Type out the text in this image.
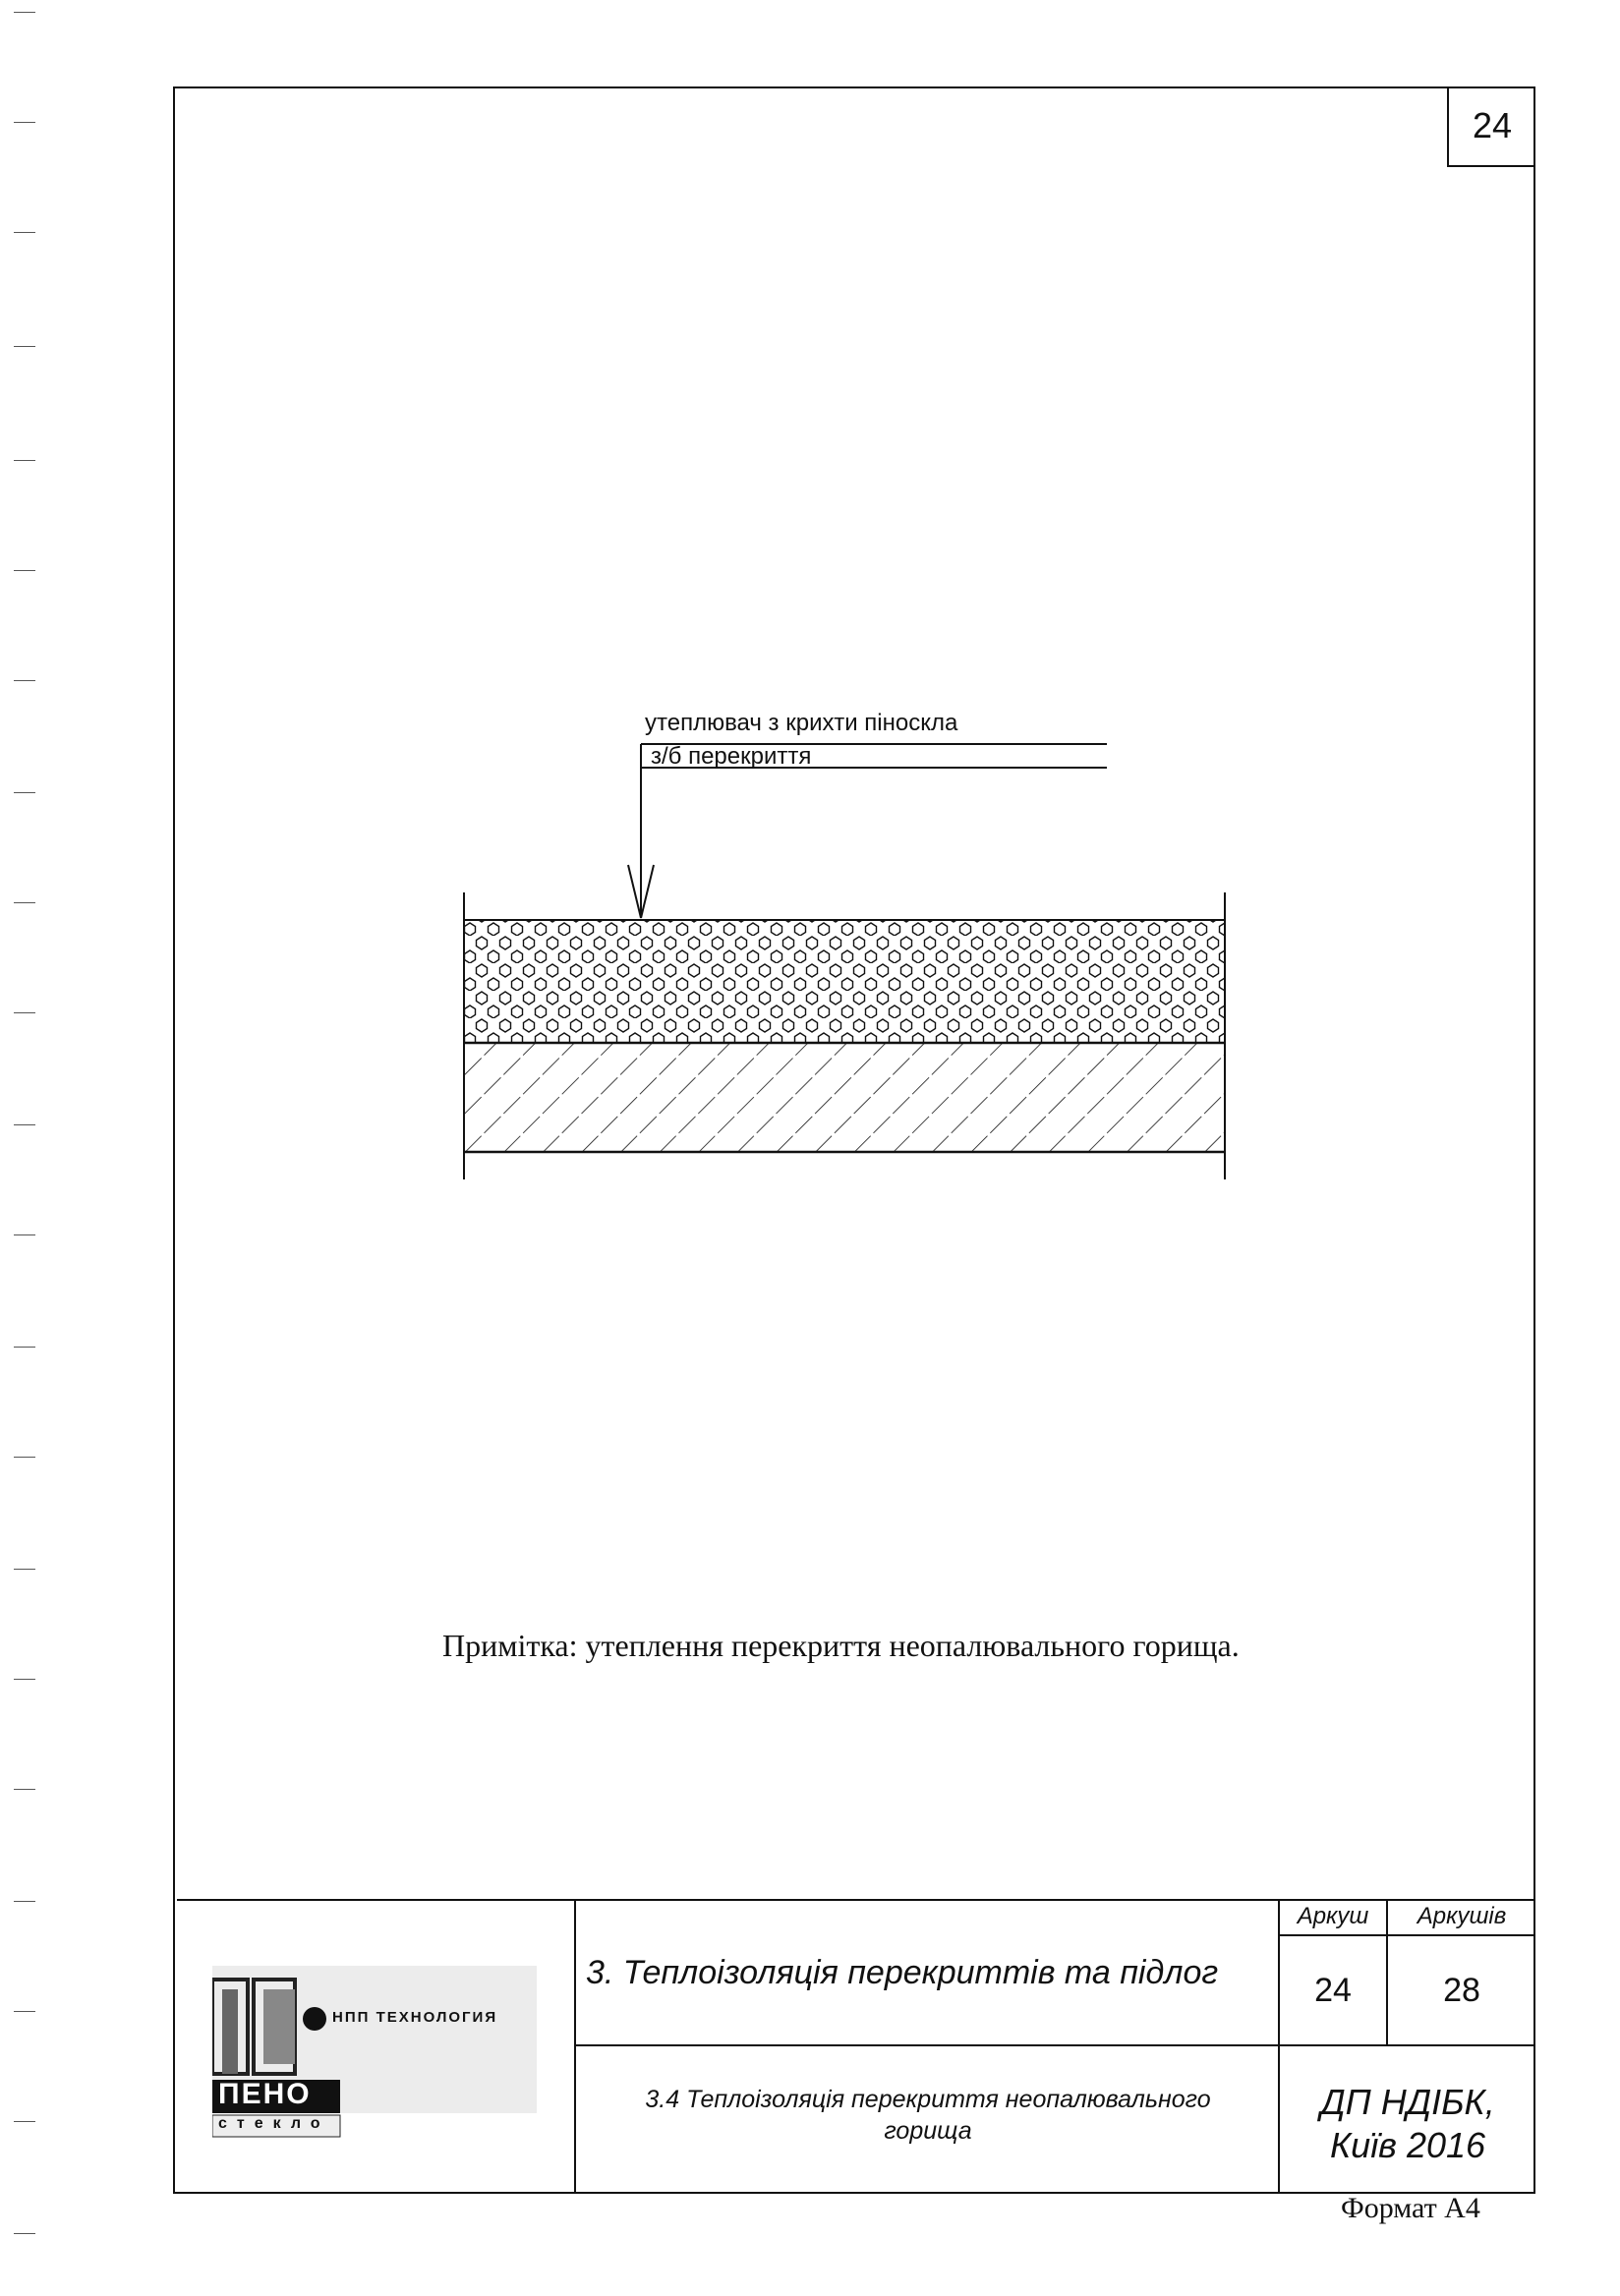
24
утеплювач з крихти піноскла
з/б перекриття
Примітка: утеплення перекриття неопалювального горища.
НПП ТЕХНОЛОГИЯ
ПЕНО
стекло
3. Теплоізоляція перекриттів та підлог
3.4 Теплоізоляція перекриття неопалювального
горища
Аркуш	Аркушів
24	28
ДП НДІБК,
Київ 2016
Формат А4
